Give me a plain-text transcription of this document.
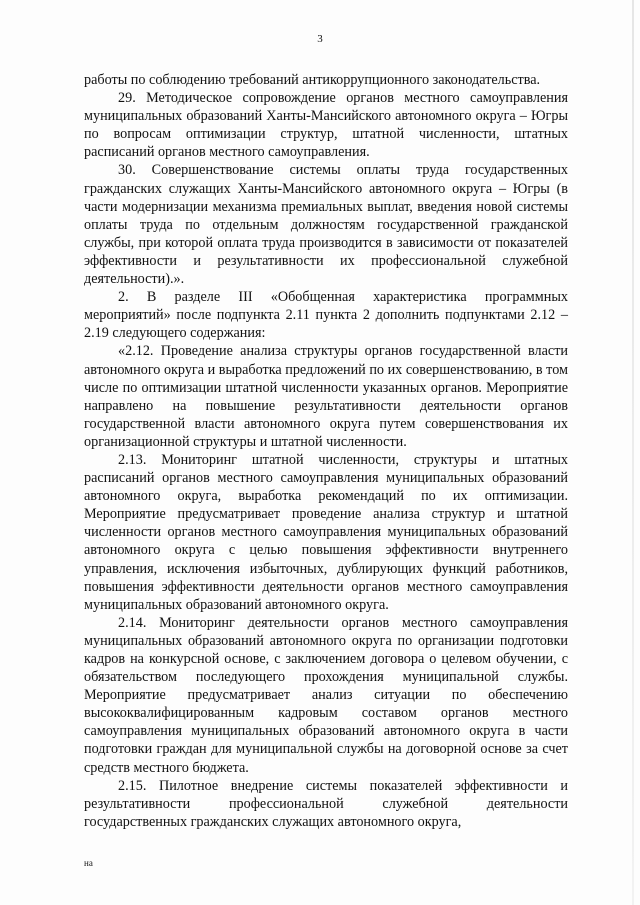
3

работы по соблюдению требований антикоррупционного законодательства.

29. Методическое сопровождение органов местного самоуправления муниципальных образований Ханты-Мансийского автономного округа – Югры по вопросам оптимизации структур, штатной численности, штатных расписаний органов местного самоуправления.

30. Совершенствование системы оплаты труда государственных гражданских служащих Ханты-Мансийского автономного округа – Югры (в части модернизации механизма премиальных выплат, введения новой системы оплаты труда по отдельным должностям государственной гражданской службы, при которой оплата труда производится в зависимости от показателей эффективности и результативности их профессиональной служебной деятельности).».

2. В разделе III «Обобщенная характеристика программных мероприятий» после подпункта 2.11 пункта 2 дополнить подпунктами 2.12 – 2.19 следующего содержания:

«2.12. Проведение анализа структуры органов государственной власти автономного округа и выработка предложений по их совершенствованию, в том числе по оптимизации штатной численности указанных органов. Мероприятие направлено на повышение результативности деятельности органов государственной власти автономного округа путем совершенствования их организационной структуры и штатной численности.

2.13. Мониторинг штатной численности, структуры и штатных расписаний органов местного самоуправления муниципальных образований автономного округа, выработка рекомендаций по их оптимизации. Мероприятие предусматривает проведение анализа структур и штатной численности органов местного самоуправления муниципальных образований автономного округа с целью повышения эффективности внутреннего управления, исключения избыточных, дублирующих функций работников, повышения эффективности деятельности органов местного самоуправления муниципальных образований автономного округа.

2.14. Мониторинг деятельности органов местного самоуправления муниципальных образований автономного округа по организации подготовки кадров на конкурсной основе, с заключением договора о целевом обучении, с обязательством последующего прохождения муниципальной службы. Мероприятие предусматривает анализ ситуации по обеспечению высококвалифицированным кадровым составом органов местного самоуправления муниципальных образований автономного округа в части подготовки граждан для муниципальной службы на договорной основе за счет средств местного бюджета.

2.15. Пилотное внедрение системы показателей эффективности и результативности профессиональной служебной деятельности государственных гражданских служащих автономного округа,

на
